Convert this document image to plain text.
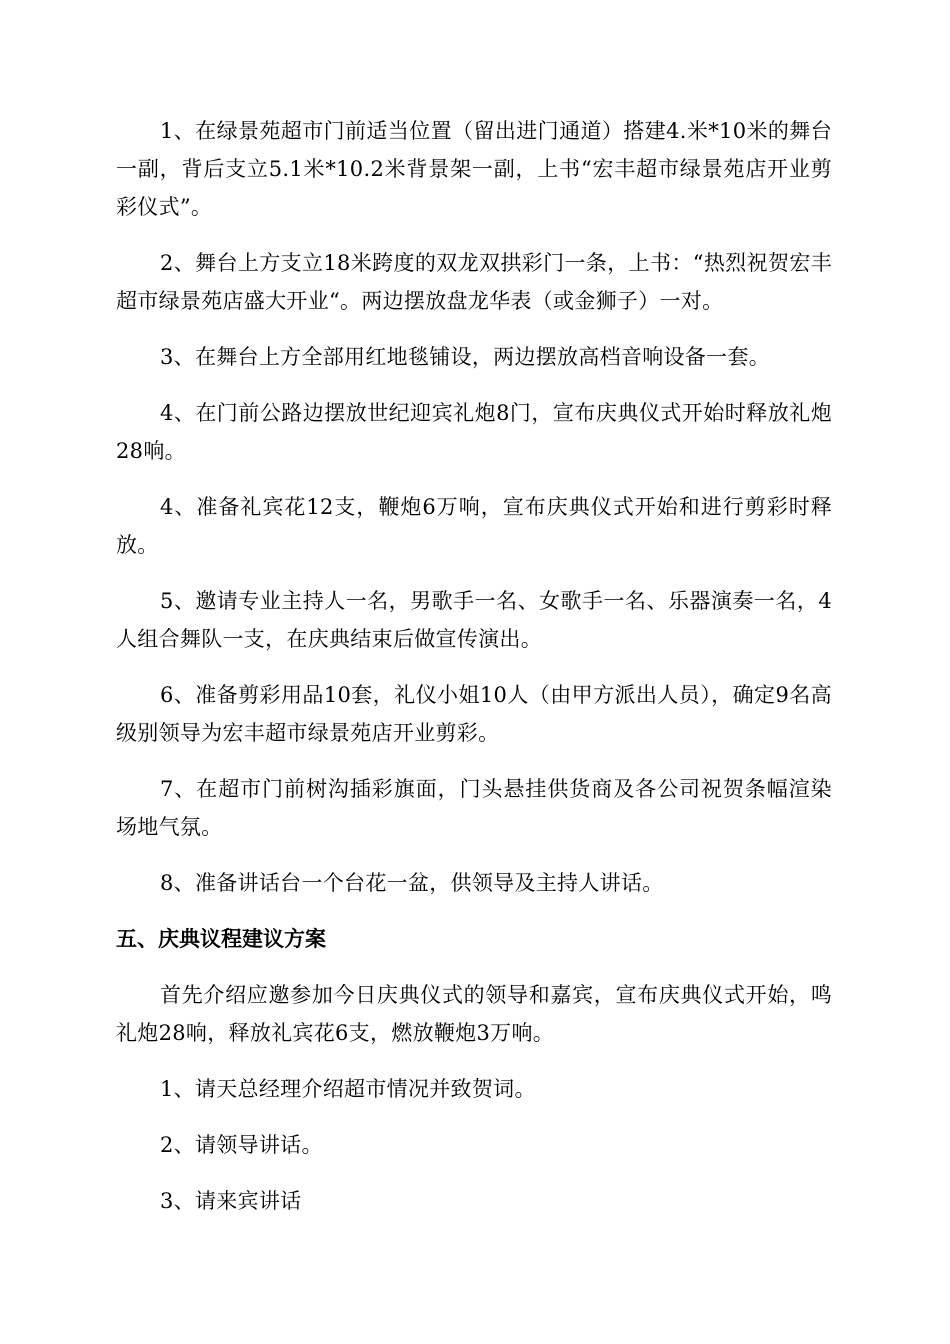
1、在绿景苑超市门前适当位置（留出进门通道）搭建4.米*10米的舞台一副，背后支立5.1米*10.2米背景架一副，上书“宏丰超市绿景苑店开业剪彩仪式”。

2、舞台上方支立18米跨度的双龙双拱彩门一条，上书：“热烈祝贺宏丰超市绿景苑店盛大开业“。两边摆放盘龙华表（或金狮子）一对。

3、在舞台上方全部用红地毯铺设，两边摆放高档音响设备一套。

4、在门前公路边摆放世纪迎宾礼炮8门，宣布庆典仪式开始时释放礼炮28响。

4、准备礼宾花12支，鞭炮6万响，宣布庆典仪式开始和进行剪彩时释放。

5、邀请专业主持人一名，男歌手一名、女歌手一名、乐器演奏一名，4人组合舞队一支，在庆典结束后做宣传演出。

6、准备剪彩用品10套，礼仪小姐10人（由甲方派出人员），确定9名高级别领导为宏丰超市绿景苑店开业剪彩。

7、在超市门前树沟插彩旗面，门头悬挂供货商及各公司祝贺条幅渲染场地气氛。

8、准备讲话台一个台花一盆，供领导及主持人讲话。

五、庆典议程建议方案

首先介绍应邀参加今日庆典仪式的领导和嘉宾，宣布庆典仪式开始，鸣礼炮28响，释放礼宾花6支，燃放鞭炮3万响。

1、请天总经理介绍超市情况并致贺词。

2、请领导讲话。

3、请来宾讲话
